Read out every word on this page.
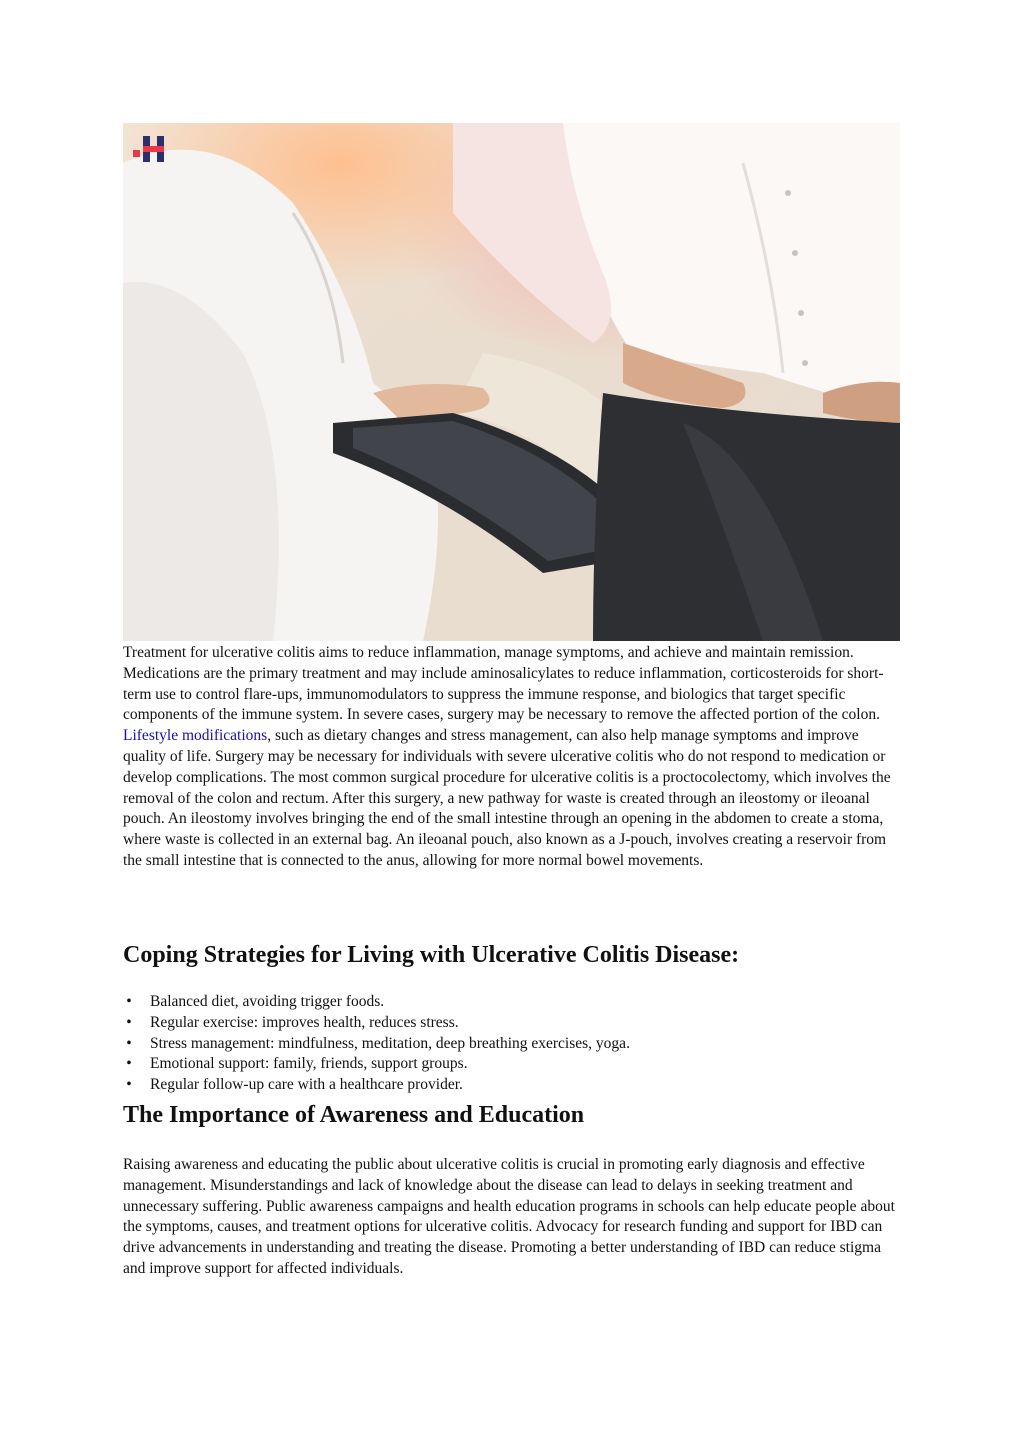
Treatment for ulcerative colitis aims to reduce inflammation, manage symptoms, and achieve and maintain remission. Medications are the primary treatment and may include aminosalicylates to reduce inflammation, corticosteroids for short-term use to control flare-ups, immunomodulators to suppress the immune response, and biologics that target specific components of the immune system. In severe cases, surgery may be necessary to remove the affected portion of the colon. Lifestyle modifications, such as dietary changes and stress management, can also help manage symptoms and improve quality of life. Surgery may be necessary for individuals with severe ulcerative colitis who do not respond to medication or develop complications. The most common surgical procedure for ulcerative colitis is a proctocolectomy, which involves the removal of the colon and rectum. After this surgery, a new pathway for waste is created through an ileostomy or ileoanal pouch. An ileostomy involves bringing the end of the small intestine through an opening in the abdomen to create a stoma, where waste is collected in an external bag. An ileoanal pouch, also known as a J-pouch, involves creating a reservoir from the small intestine that is connected to the anus, allowing for more normal bowel movements.

Coping Strategies for Living with Ulcerative Colitis Disease:
• Balanced diet, avoiding trigger foods.
• Regular exercise: improves health, reduces stress.
• Stress management: mindfulness, meditation, deep breathing exercises, yoga.
• Emotional support: family, friends, support groups.
• Regular follow-up care with a healthcare provider.
The Importance of Awareness and Education

Raising awareness and educating the public about ulcerative colitis is crucial in promoting early diagnosis and effective management. Misunderstandings and lack of knowledge about the disease can lead to delays in seeking treatment and unnecessary suffering. Public awareness campaigns and health education programs in schools can help educate people about the symptoms, causes, and treatment options for ulcerative colitis. Advocacy for research funding and support for IBD can drive advancements in understanding and treating the disease. Promoting a better understanding of IBD can reduce stigma and improve support for affected individuals.
